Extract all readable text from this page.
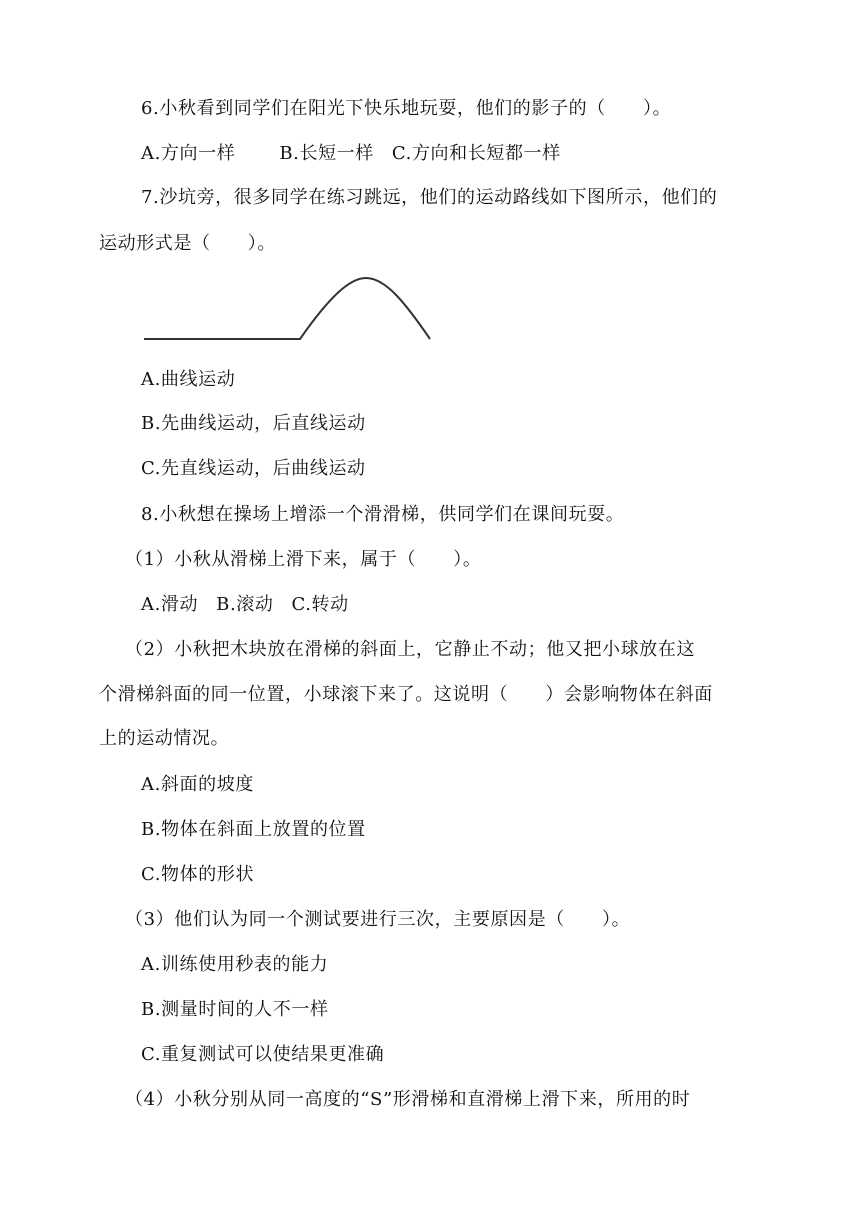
6.小秋看到同学们在阳光下快乐地玩耍，他们的影子的（　　）。
A.方向一样 B.长短一样 C.方向和长短都一样
7.沙坑旁，很多同学在练习跳远，他们的运动路线如下图所示，他们的
运动形式是（　　）。
A.曲线运动
B.先曲线运动，后直线运动
C.先直线运动，后曲线运动
8.小秋想在操场上增添一个滑滑梯，供同学们在课间玩耍。
（1）小秋从滑梯上滑下来，属于（　　）。
A.滑动 B.滚动 C.转动
（2）小秋把木块放在滑梯的斜面上，它静止不动；他又把小球放在这
个滑梯斜面的同一位置，小球滚下来了。这说明（　　）会影响物体在斜面
上的运动情况。
A.斜面的坡度
B.物体在斜面上放置的位置
C.物体的形状
（3）他们认为同一个测试要进行三次，主要原因是（　　）。
A.训练使用秒表的能力
B.测量时间的人不一样
C.重复测试可以使结果更准确
（4）小秋分别从同一高度的“S”形滑梯和直滑梯上滑下来，所用的时
